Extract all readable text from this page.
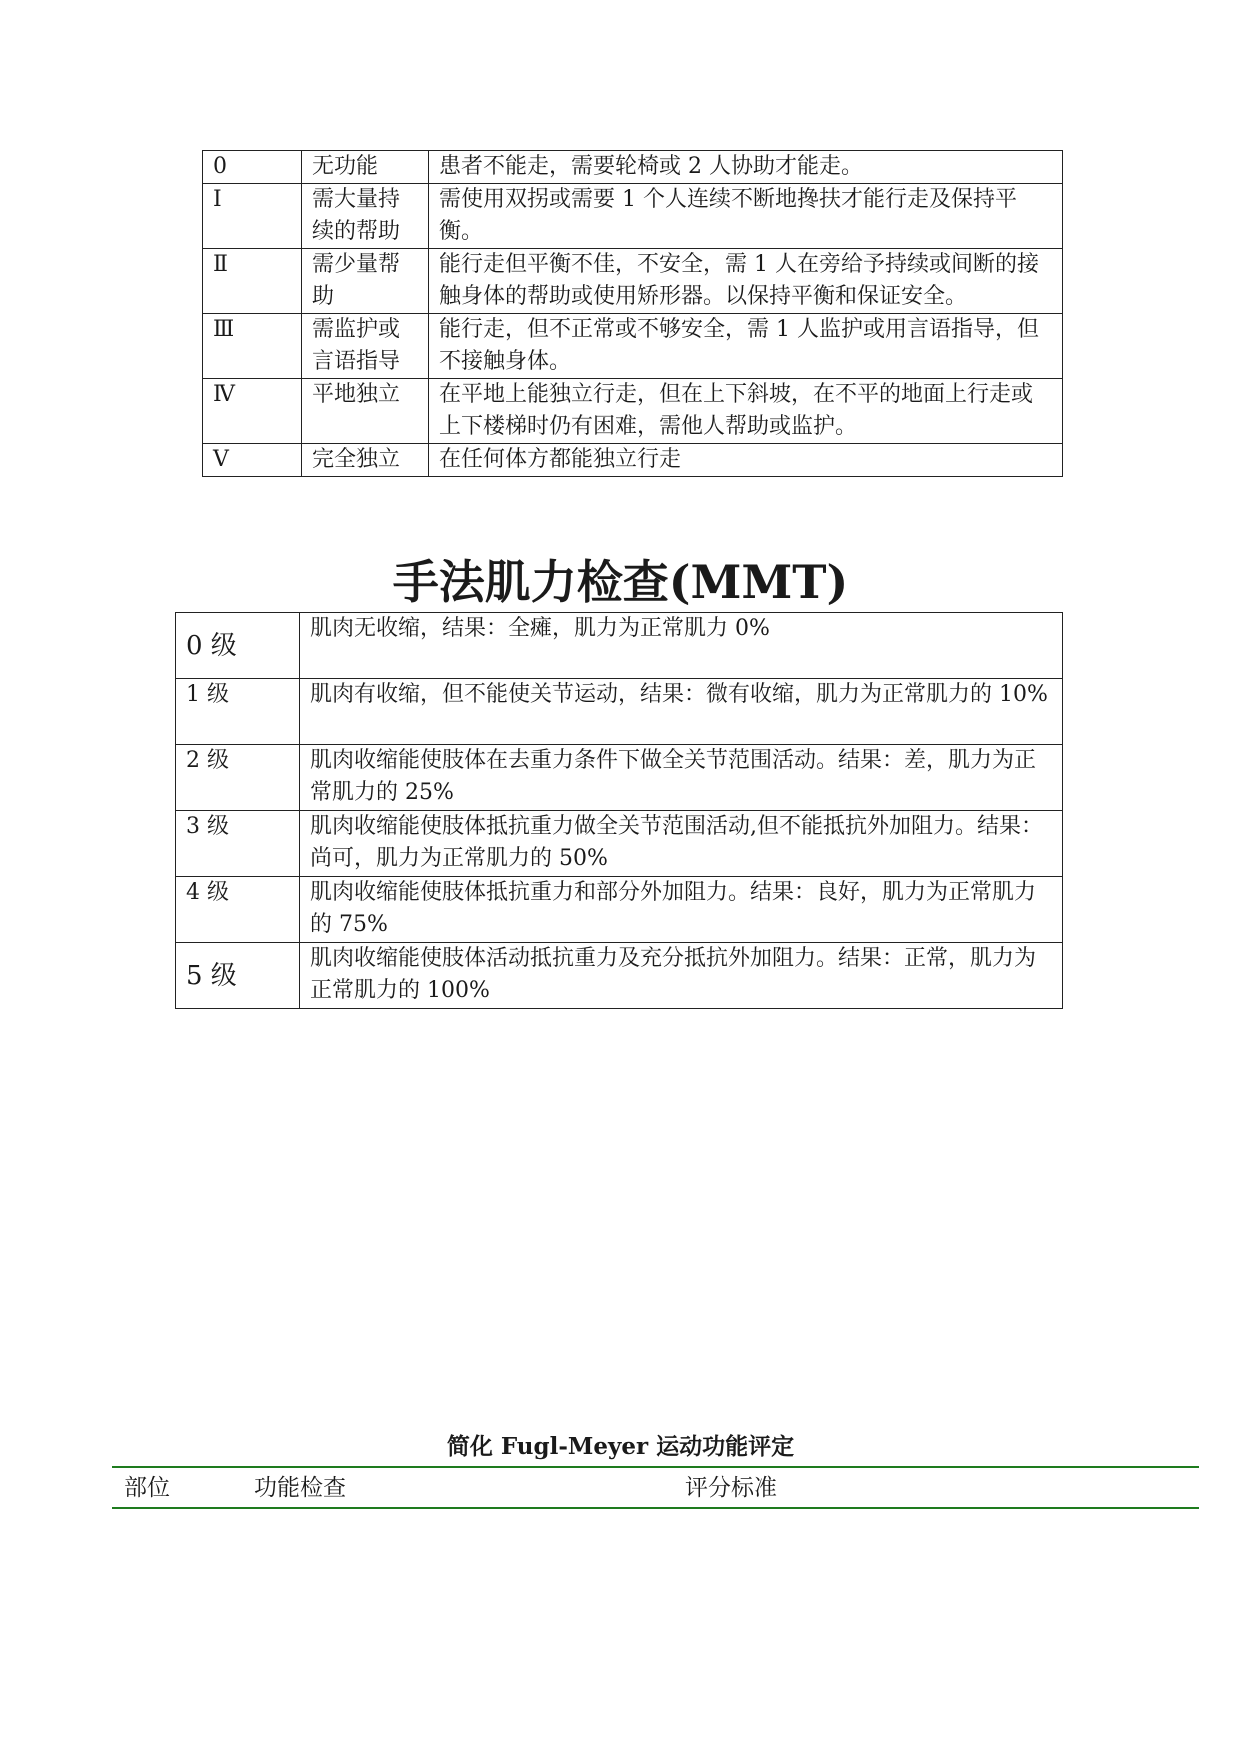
0	无功能	患者不能走，需要轮椅或 2 人协助才能走。
Ⅰ	需大量持续的帮助	需使用双拐或需要 1 个人连续不断地搀扶才能行走及保持平衡。
Ⅱ	需少量帮助	能行走但平衡不佳，不安全，需 1 人在旁给予持续或间断的接触身体的帮助或使用矫形器。以保持平衡和保证安全。
Ⅲ	需监护或言语指导	能行走，但不正常或不够安全，需 1 人监护或用言语指导，但不接触身体。
Ⅳ	平地独立	在平地上能独立行走，但在上下斜坡，在不平的地面上行走或上下楼梯时仍有困难，需他人帮助或监护。
Ⅴ	完全独立	在任何体方都能独立行走
手法肌力检查(MMT)
0 级	肌肉无收缩，结果：全瘫，肌力为正常肌力 0%
1 级	肌肉有收缩，但不能使关节运动，结果：微有收缩，肌力为正常肌力的 10%
2 级	肌肉收缩能使肢体在去重力条件下做全关节范围活动。结果：差，肌力为正常肌力的 25%
3 级	肌肉收缩能使肢体抵抗重力做全关节范围活动,但不能抵抗外加阻力。结果：尚可，肌力为正常肌力的 50%
4 级	肌肉收缩能使肢体抵抗重力和部分外加阻力。结果：良好，肌力为正常肌力的 75%
5 级	肌肉收缩能使肢体活动抵抗重力及充分抵抗外加阻力。结果：正常，肌力为正常肌力的 100%
简化 Fugl-Meyer 运动功能评定
部位	功能检查	评分标准
